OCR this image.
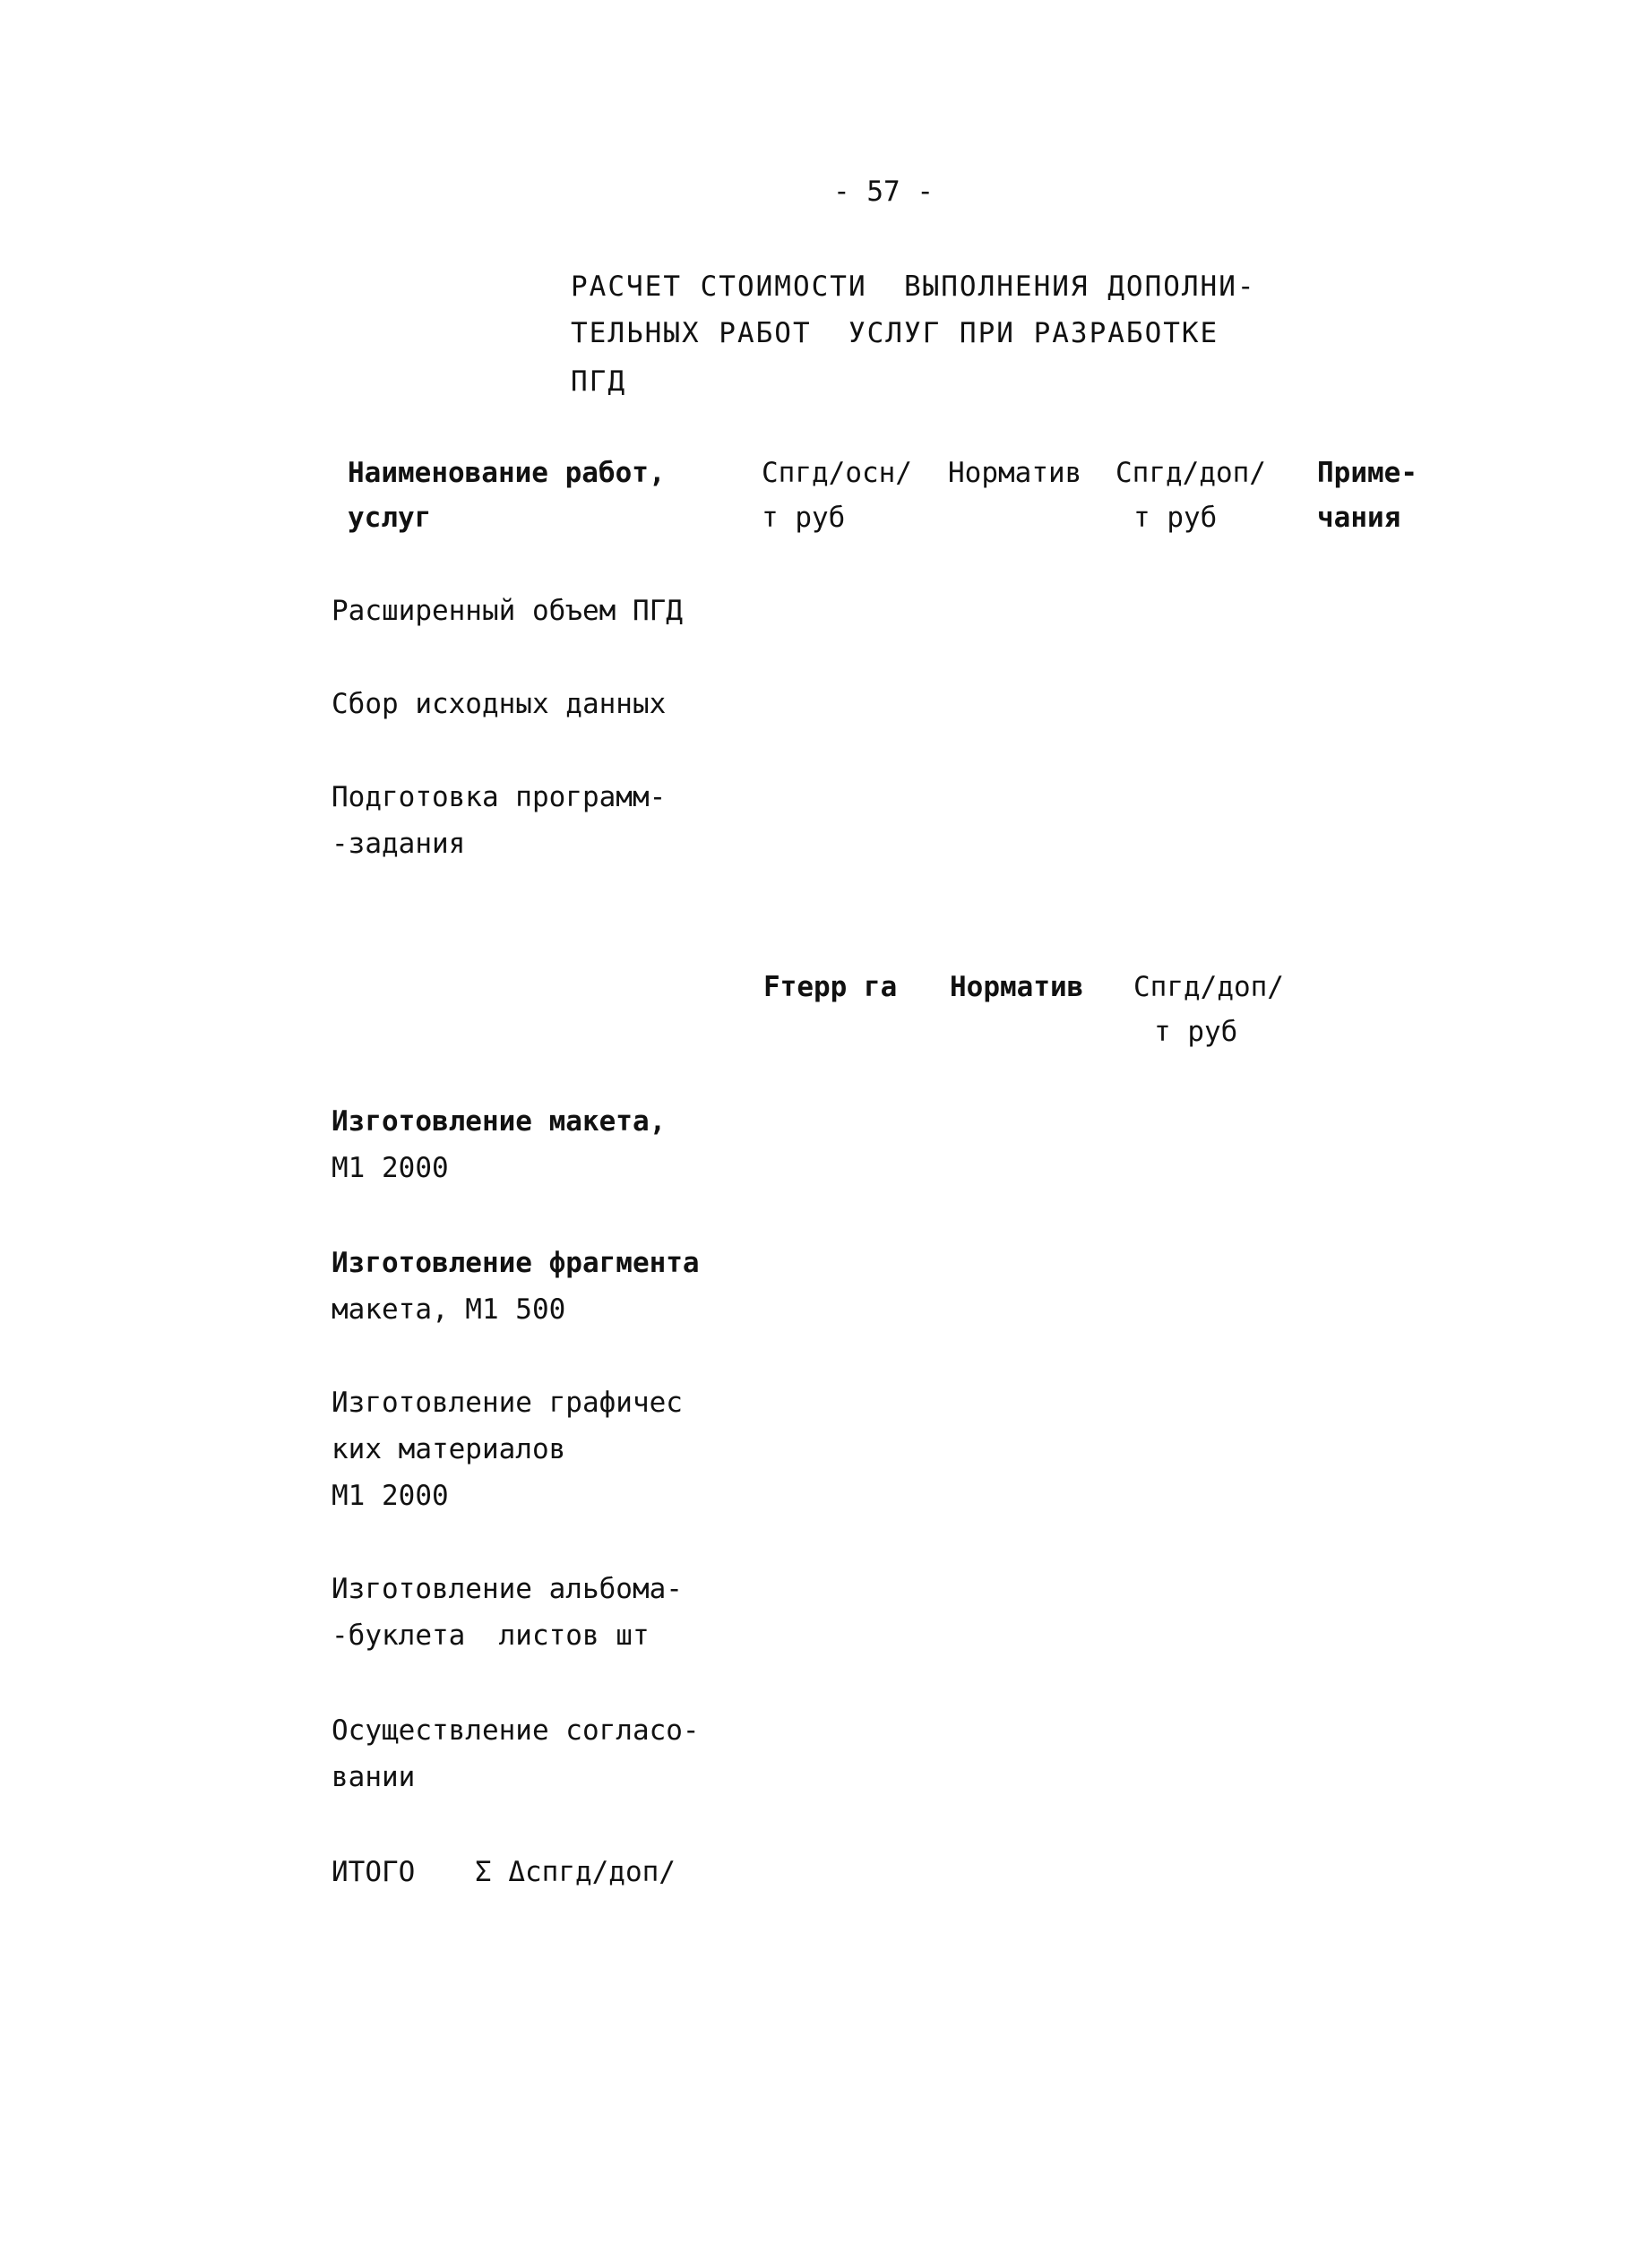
- 57 -
РАСЧЕТ СТОИМОСТИ  ВЫПОЛНЕНИЯ ДОПОЛНИ-
ТЕЛЬНЫХ РАБОТ  УСЛУГ ПРИ РАЗРАБОТКЕ
ПГД
Наименование работ,
услуг
Спгд/осн/
т руб
Норматив Спгд/доп/
т руб
Приме-
чания
Расширенный объем ПГД
Сбор исходных данных
Подготовка программ-
-задания
Fтерр га Норматив Спгд/доп/
т руб
Изготовление макета,
М1 2000
Изготовление фрагмента
макета, М1 500
Изготовление графичес
ких материалов
М1 2000
Изготовление альбома-
-буклета  листов шт
Осуществление согласо-
вании
ИТОГО Σ Δспгд/доп/
